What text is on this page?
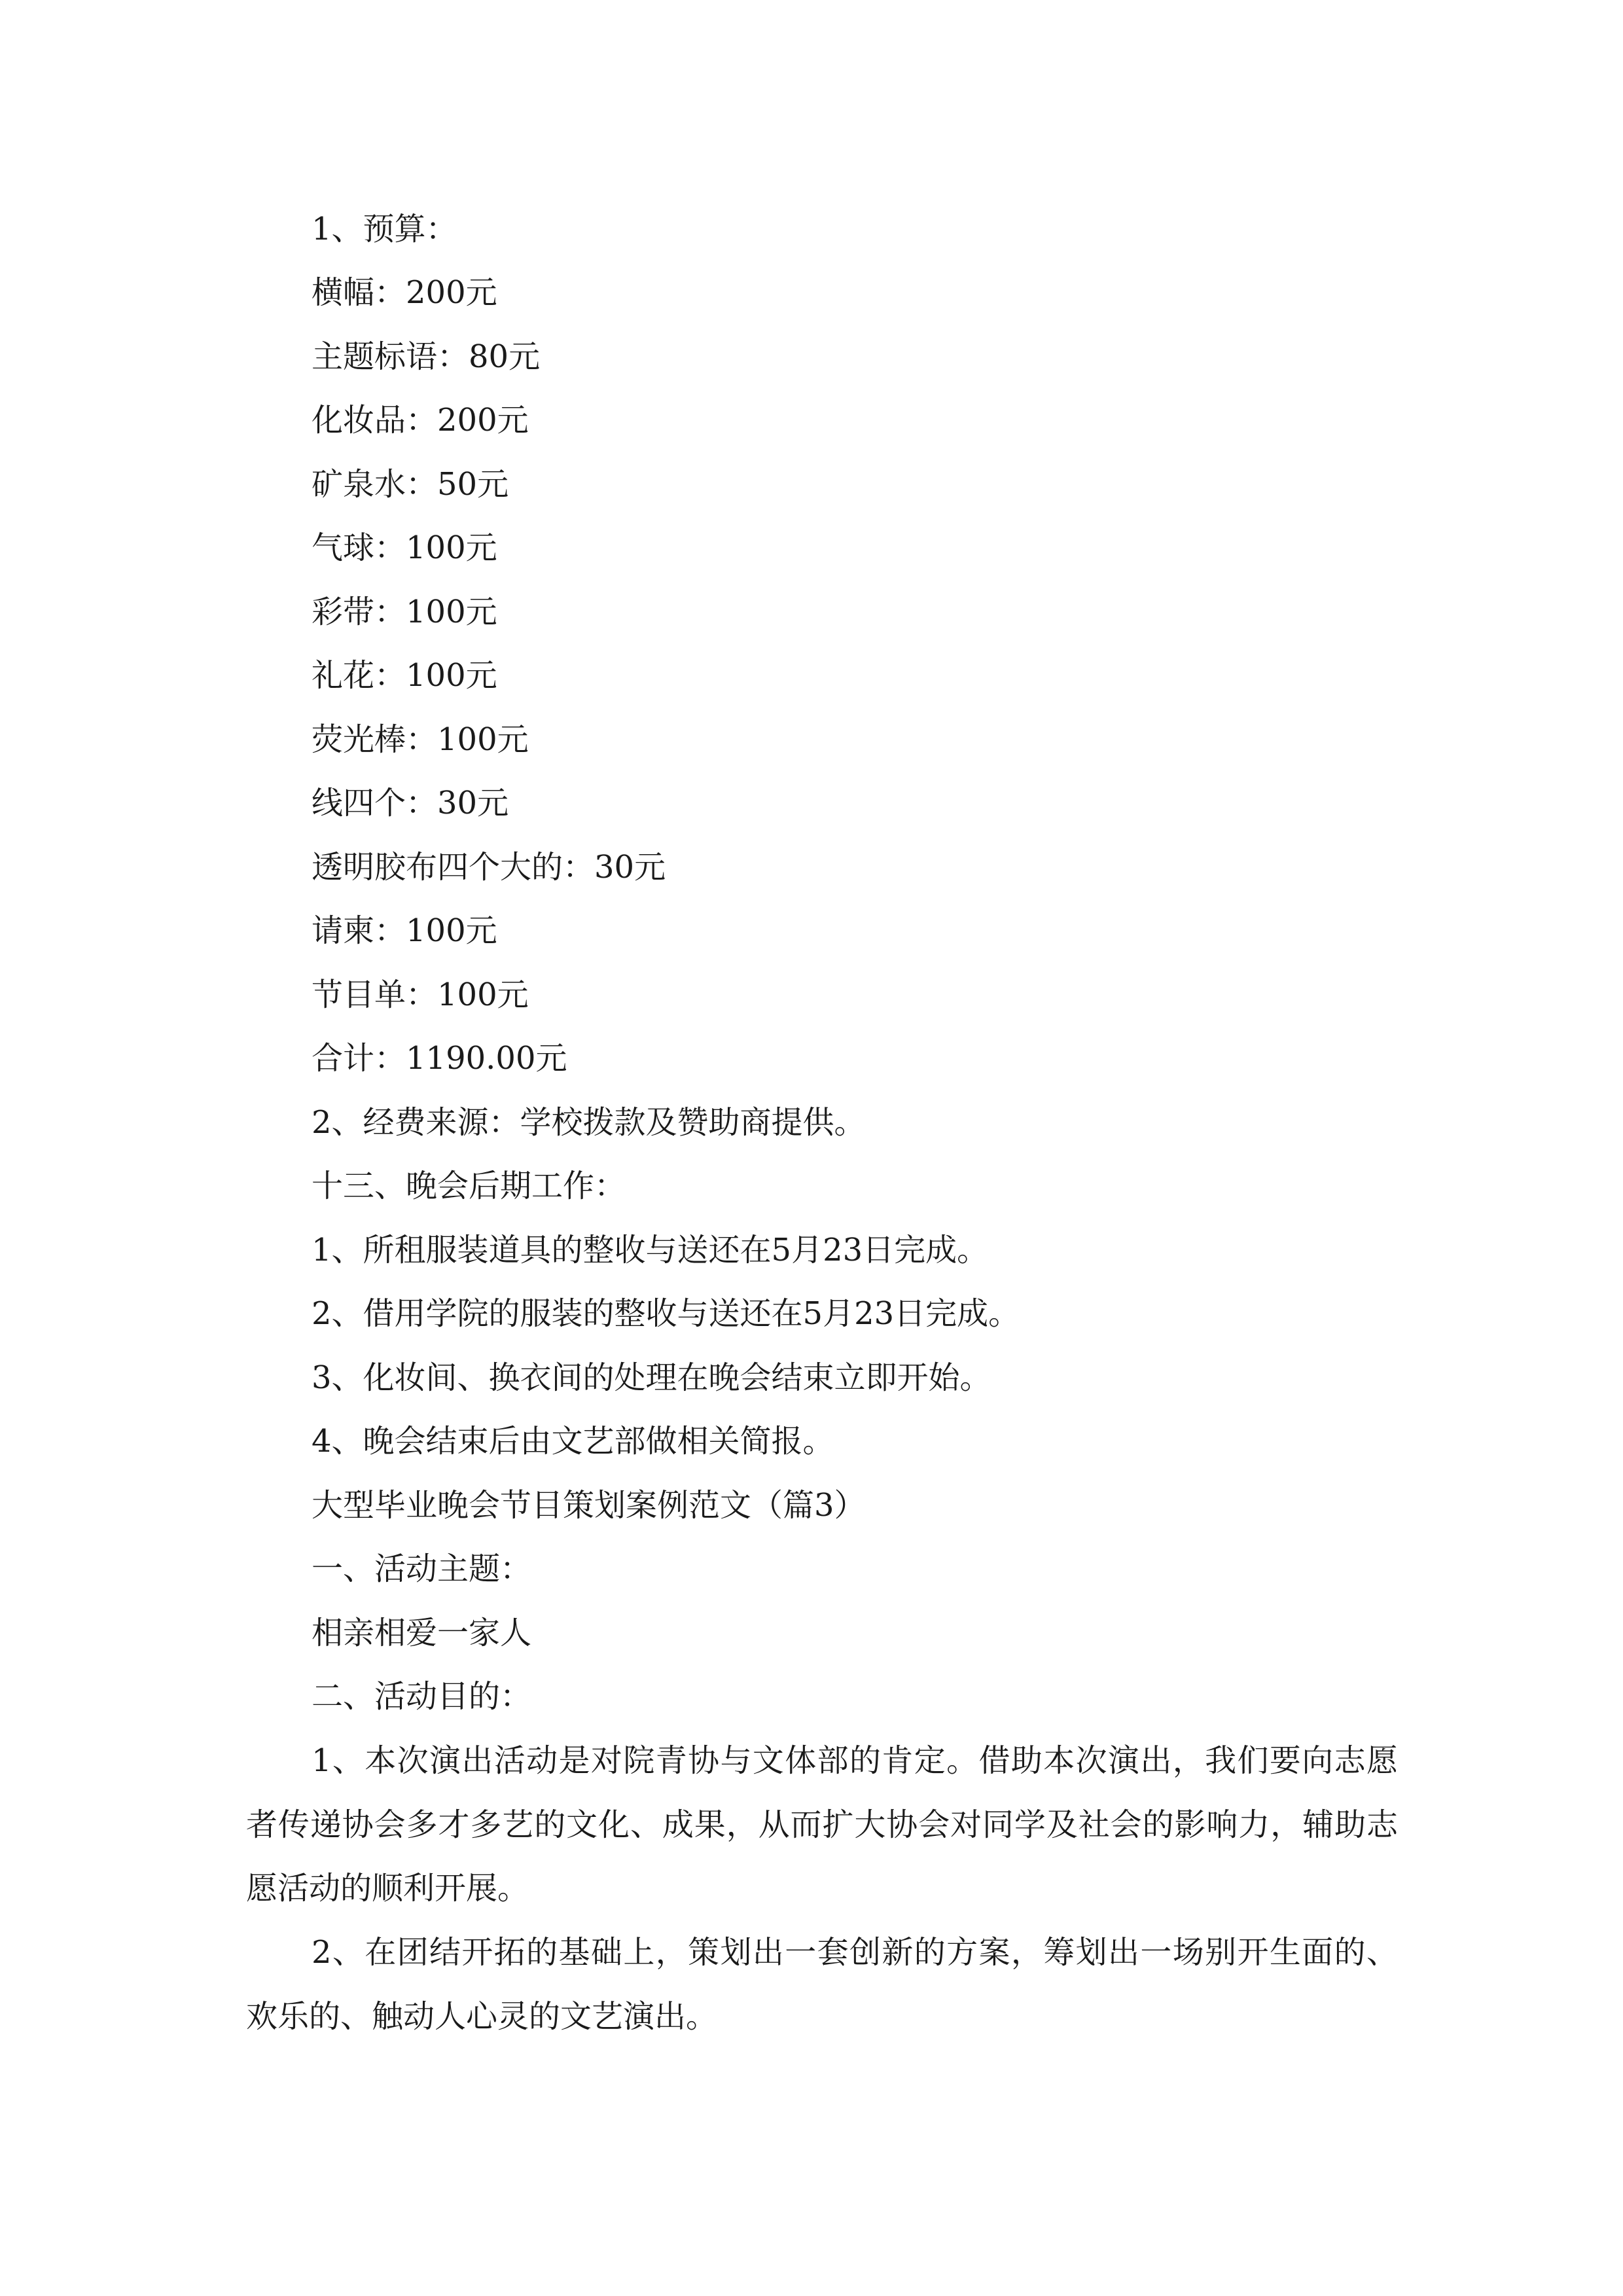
1、预算：
横幅：200元
主题标语：80元
化妆品：200元
矿泉水：50元
气球：100元
彩带：100元
礼花：100元
荧光棒：100元
线四个：30元
透明胶布四个大的：30元
请柬：100元
节目单：100元
合计：1190.00元
2、经费来源：学校拨款及赞助商提供。
十三、晚会后期工作：
1、所租服装道具的整收与送还在5月23日完成。
2、借用学院的服装的整收与送还在5月23日完成。
3、化妆间、换衣间的处理在晚会结束立即开始。
4、晚会结束后由文艺部做相关简报。
大型毕业晚会节目策划案例范文（篇3）
一、活动主题：
相亲相爱一家人
二、活动目的：

1、本次演出活动是对院青协与文体部的肯定。借助本次演出，我们要向志愿者传递协会多才多艺的文化、成果，从而扩大协会对同学及社会的影响力，辅助志愿活动的顺利开展。

2、在团结开拓的基础上，策划出一套创新的方案，筹划出一场别开生面的、欢乐的、触动人心灵的文艺演出。
